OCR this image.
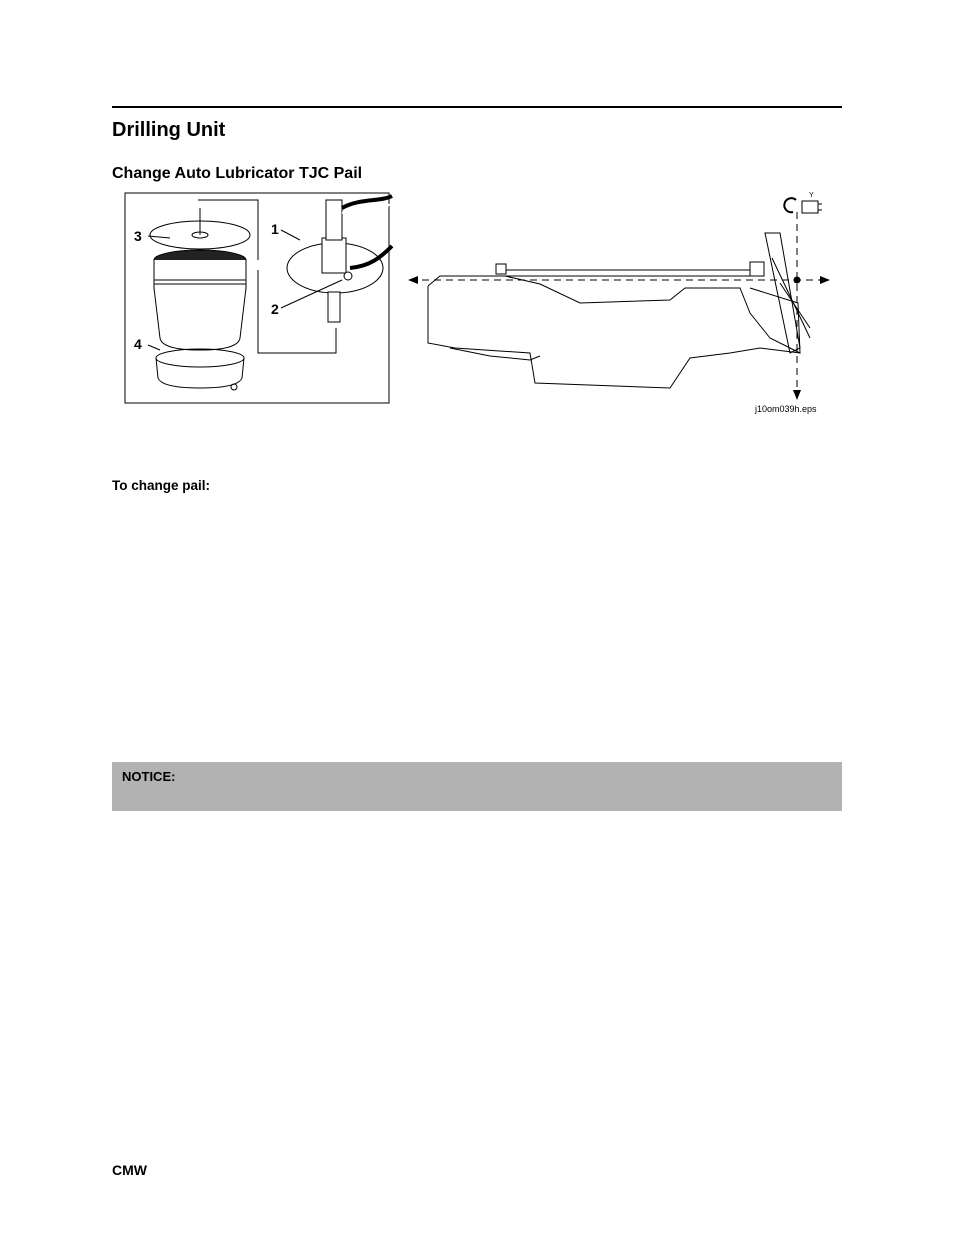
Drilling Unit
Change Auto Lubricator TJC Pail
1
2
3
4
Y
j10om039h.eps

To change pail:

NOTICE:
CMW
